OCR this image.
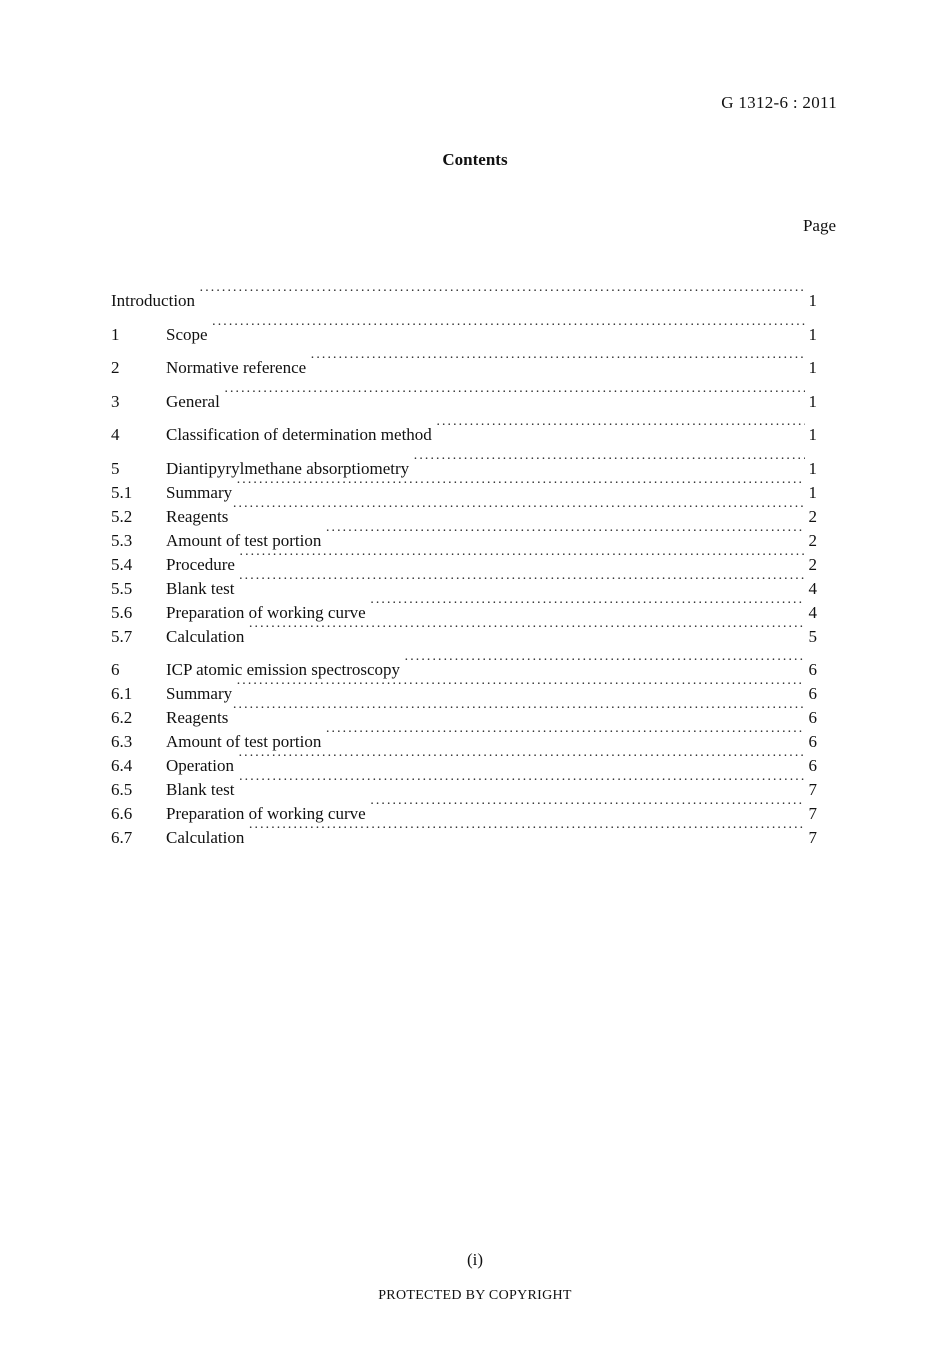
G 1312-6 : 2011
Contents
Page
Introduction ·····	1
1	Scope ·····	1
2	Normative reference ·····	1
3	General ·····	1
4	Classification of determination method ·····	1
5	Diantipyrylmethane absorptiometry ·····	1
5.1	Summary ·····	1
5.2	Reagents ·····	2
5.3	Amount of test portion ·····	2
5.4	Procedure ·····	2
5.5	Blank test ·····	4
5.6	Preparation of working curve ·····	4
5.7	Calculation ·····	5
6	ICP atomic emission spectroscopy ·····	6
6.1	Summary ·····	6
6.2	Reagents ·····	6
6.3	Amount of test portion ·····	6
6.4	Operation ·····	6
6.5	Blank test ·····	7
6.6	Preparation of working curve ·····	7
6.7	Calculation ·····	7
(i)
PROTECTED BY COPYRIGHT
